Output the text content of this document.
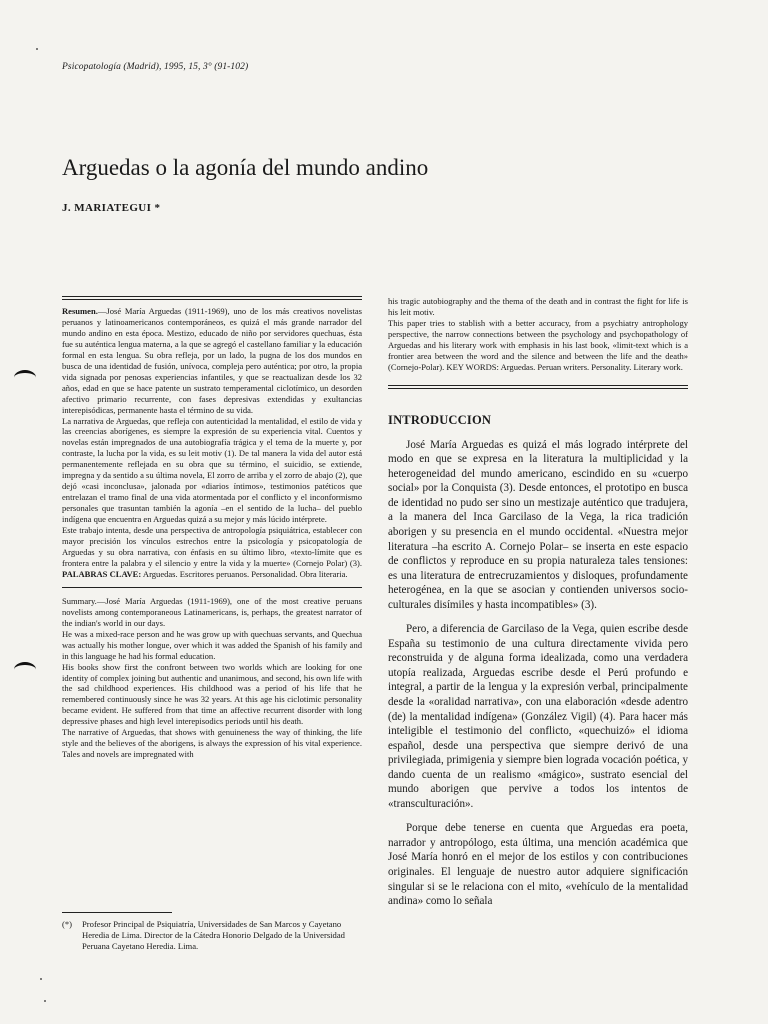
Psicopatología (Madrid), 1995, 15, 3° (91-102)
Arguedas o la agonía del mundo andino
J. MARIATEGUI *

Resumen.—José María Arguedas (1911-1969), uno de los más creativos novelistas peruanos y latinoamericanos contemporáneos, es quizá el más grande narrador del mundo andino en esta época. Mestizo, educado de niño por servidores quechuas, ésta fue su auténtica lengua materna, a la que se agregó el castellano familiar y la educación formal en esta lengua. Su obra refleja, por un lado, la pugna de los dos mundos en busca de una identidad de fusión, unívoca, compleja pero auténtica; por otro, la propia vida signada por penosas experiencias infantiles, y que se reactualizan desde los 32 años, edad en que se hace patente un sustrato temperamental ciclotímico, un desorden afectivo primario recurrente, con fases depresivas extendidas y exultancias interepisódicas, permanente hasta el término de su vida.

La narrativa de Arguedas, que refleja con autenticidad la mentalidad, el estilo de vida y las creencias aborígenes, es siempre la expresión de su experiencia vital. Cuentos y novelas están impregnados de una autobiografía trágica y el tema de la muerte y, por contraste, la lucha por la vida, es su leit motiv (1). De tal manera la vida del autor está permanentemente reflejada en su obra que su término, el suicidio, se extiende, impregna y da sentido a su última novela, El zorro de arriba y el zorro de abajo (2), que dejó «casi inconclusa», jalonada por «diarios íntimos», testimonios patéticos que entrelazan el tramo final de una vida atormentada por el conflicto y el inconformismo personales que trasuntan también la agonía –en el sentido de la lucha– del pueblo indígena que encuentra en Arguedas quizá a su mejor y más lúcido intérprete.

Este trabajo intenta, desde una perspectiva de antropología psiquiátrica, establecer con mayor precisión los vínculos estrechos entre la psicología y psicopatología de Arguedas y su obra narrativa, con énfasis en su último libro, «texto-límite que es frontera entre la palabra y el silencio y entre la vida y la muerte» (Cornejo Polar) (3). PALABRAS CLAVE: Arguedas. Escritores peruanos. Personalidad. Obra literaria.

Summary.—José María Arguedas (1911-1969), one of the most creative peruans novelists among contemporaneous Latinamericans, is, perhaps, the greatest narrator of the indian's world in our days.

He was a mixed-race person and he was grow up with quechuas servants, and Quechua was actually his mother longue, over which it was added the Spanish of his family and in this language he had his formal education.

His books show first the confront between two worlds which are looking for one identity of complex joining but authentic and unanimous, and second, his own life with the sad childhood experiences. His childhood was a period of his life that he remembered continuously since he was 32 years. At this age his ciclotimic personality became evident. He suffered from that time an affective recurrent disorder with long depressive phases and high level interepisodics periods until his death.

The narrative of Arguedas, that shows with genuineness the way of thinking, the life style and the believes of the aborigens, is always the expression of his vital experience. Tales and novels are impregnated with

(*)	Profesor Principal de Psiquiatría, Universidades de San Marcos y Cayetano Heredia de Lima. Director de la Cátedra Honorio Delgado de la Universidad Peruana Cayetano Heredia. Lima.

his tragic autobiography and the thema of the death and in contrast the fight for life is his leit motiv.

This paper tries to stablish with a better accuracy, from a psychiatry antrophology perspective, the narrow connections between the psychology and psychopathology of Arguedas and his literary work with emphasis in his last book, «limit-text which is a frontier area between the word and the silence and between the life and the death» (Cornejo-Polar). KEY WORDS: Arguedas. Peruan writers. Personality. Literary work.

INTRODUCCION

José María Arguedas es quizá el más logrado intérprete del modo en que se expresa en la literatura la multiplicidad y la heterogeneidad del mundo americano, escindido en su «cuerpo social» por la Conquista (3). Desde entonces, el prototipo en busca de identidad no pudo ser sino un mestizaje auténtico que tradujera, a la manera del Inca Garcilaso de la Vega, la rica tradición aborigen y su presencia en el mundo occidental. «Nuestra mejor literatura –ha escrito A. Cornejo Polar– se inserta en este espacio de conflictos y reproduce en su propia naturaleza tales tensiones: es una literatura de entrecruzamientos y disloques, profundamente heterogénea, en la que se asocian y contienden universos socio-culturales disímiles y hasta incompatibles» (3).

Pero, a diferencia de Garcilaso de la Vega, quien escribe desde España su testimonio de una cultura directamente vivida pero reconstruida y de alguna forma idealizada, como una verdadera utopía realizada, Arguedas escribe desde el Perú profundo e integral, a partir de la lengua y la expresión verbal, principalmente desde la «oralidad narrativa», con una elaboración «desde adentro (de) la mentalidad indígena» (González Vigil) (4). Para hacer más inteligible el testimonio del conflicto, «quechuizó» el idioma español, desde una perspectiva que siempre derivó de una privilegiada, primigenia y siempre bien lograda vocación poética, y dando cuenta de un realismo «mágico», sustrato esencial del mundo aborigen que pervive a todos los intentos de «transculturación».

Porque debe tenerse en cuenta que Arguedas era poeta, narrador y antropólogo, esta última, una mención académica que José María honró en el mejor de los estilos y con contribuciones originales. El lenguaje de nuestro autor adquiere significación singular si se le relaciona con el mito, «vehículo de la mentalidad andina» como lo señala
